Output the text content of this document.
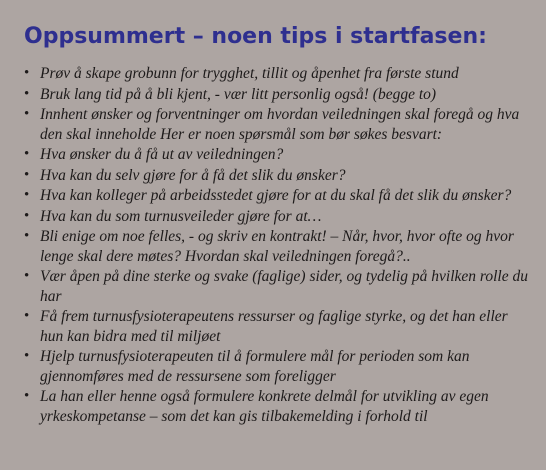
Oppsummert – noen tips i startfasen:
• Prøv å skape grobunn for trygghet, tillit og åpenhet fra første stund
• Bruk lang tid på å bli kjent, - vær litt personlig også! (begge to)
• Innhent ønsker og forventninger om hvordan veiledningen skal foregå og hva den skal inneholde Her er noen spørsmål som bør søkes besvart:
• Hva ønsker du å få ut av veiledningen?
• Hva kan du selv gjøre for å få det slik du ønsker?
• Hva kan kolleger på arbeidsstedet gjøre for at du skal få det slik du ønsker?
• Hva kan du som turnusveileder gjøre for at…
• Bli enige om noe felles, - og skriv en kontrakt! – Når, hvor, hvor ofte og hvor lenge skal dere møtes? Hvordan skal veiledningen foregå?..
• Vær åpen på dine sterke og svake (faglige) sider, og tydelig på hvilken rolle du har
• Få frem turnusfysioterapeutens ressurser og faglige styrke, og det han eller hun kan bidra med til miljøet
• Hjelp turnusfysioterapeuten til å formulere mål for perioden som kan gjennomføres med de ressursene som foreligger
• La han eller henne også formulere konkrete delmål for utvikling av egen yrkeskompetanse – som det kan gis tilbakemelding i forhold til
